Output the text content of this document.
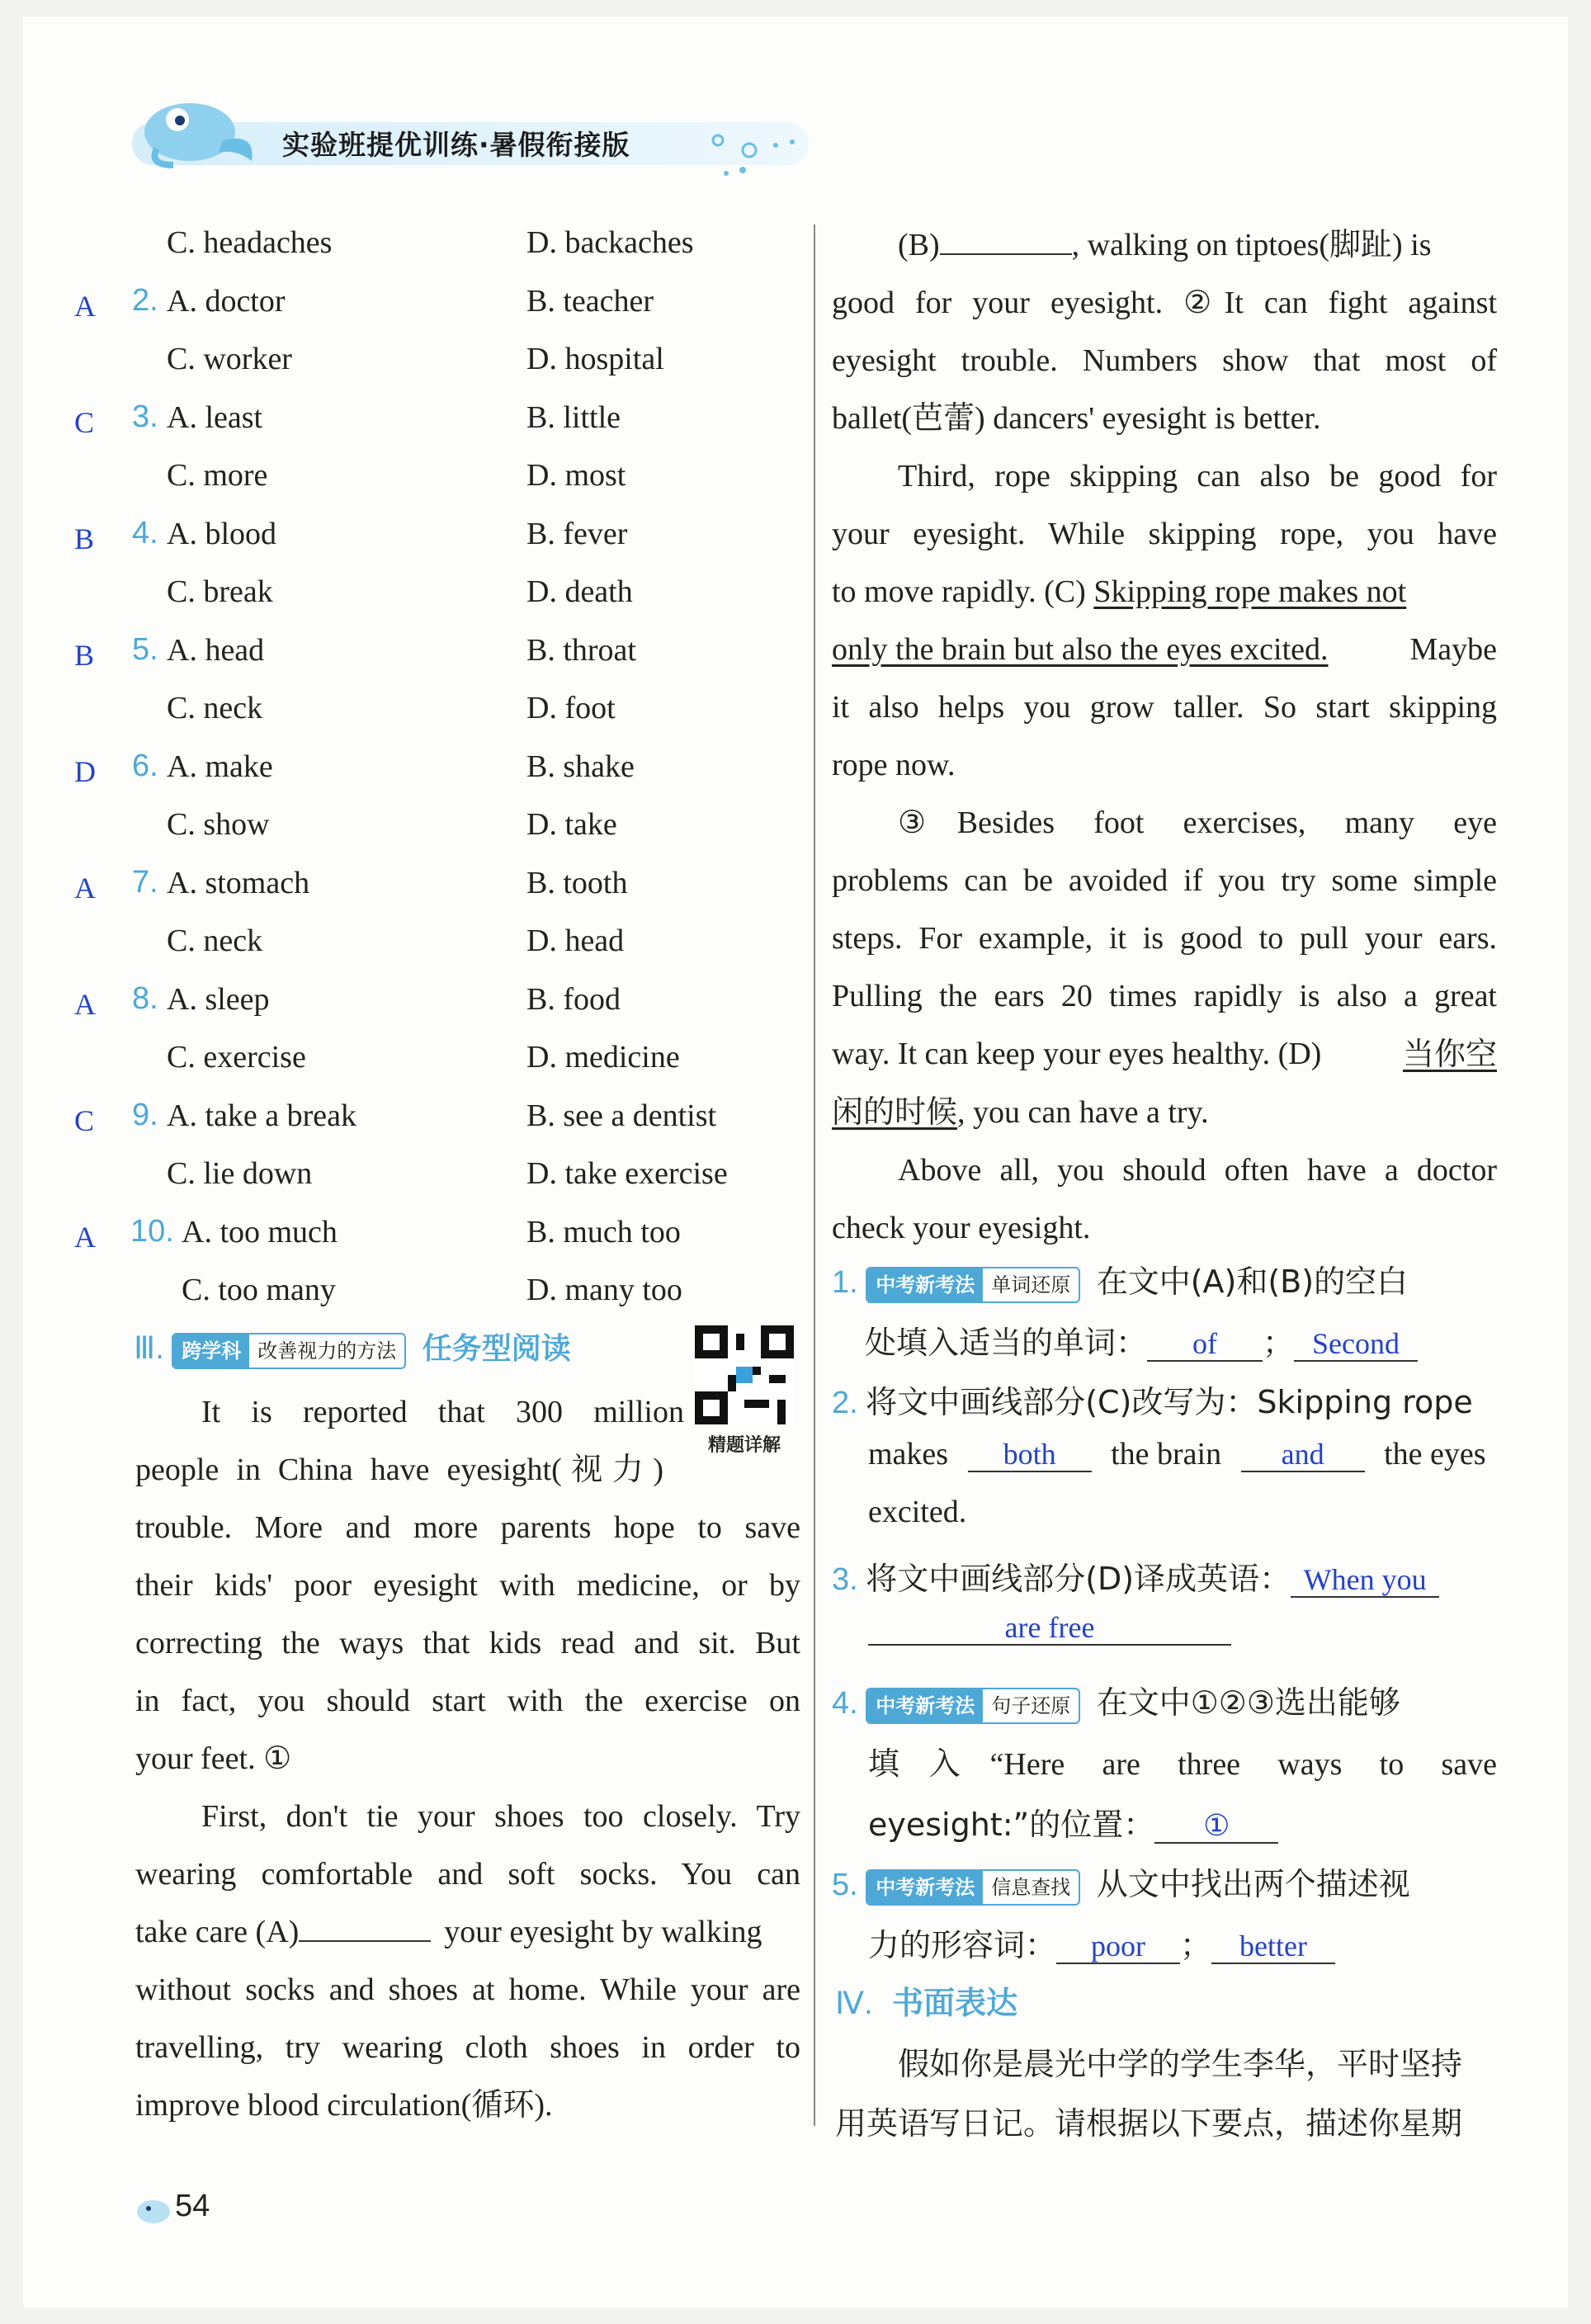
实验班提优训练·暑假衔接版
C. headaches	D. backaches
A 2. A. doctor	B. teacher
C. worker	D. hospital
C 3. A. least	B. little
C. more	D. most
B 4. A. blood	B. fever
C. break	D. death
B 5. A. head	B. throat
C. neck	D. foot
D 6. A. make	B. shake
C. show	D. take
A 7. A. stomach	B. tooth
C. neck	D. head
A 8. A. sleep	B. food
C. exercise	D. medicine
C 9. A. take a break	B. see a dentist
C. lie down	D. take exercise
A 10. A. too much	B. much too
C. too many	D. many too
Ⅲ. 跨学科 改善视力的方法 任务型阅读
精题详解
It is reported that 300 million
people in China have eyesight(视力)
trouble. More and more parents hope to save
their kids' poor eyesight with medicine, or by
correcting the ways that kids read and sit. But
in fact, you should start with the exercise on
your feet. ①
First, don't tie your shoes too closely. Try
wearing comfortable and soft socks. You can
take care (A)	your eyesight by walking
without socks and shoes at home. While your are
travelling, try wearing cloth shoes in order to
improve blood circulation(循环).
(B)	, walking on tiptoes(脚趾) is
good for your eyesight. ②It can fight against
eyesight trouble. Numbers show that most of
ballet(芭蕾) dancers' eyesight is better.
Third, rope skipping can also be good for
your eyesight. While skipping rope, you have
to move rapidly. (C) Skipping rope makes not
only the brain but also the eyes excited.	Maybe
it also helps you grow taller. So start skipping
rope now.
③Besides foot exercises, many eye
problems can be avoided if you try some simple
steps. For example, it is good to pull your ears.
Pulling the ears 20 times rapidly is also a great
way. It can keep your eyes healthy. (D)	当你空
闲的时候, you can have a try.
Above all, you should often have a doctor
check your eyesight.
1. 中考新考法 单词还原 在文中(A)和(B)的空白
处填入适当的单词： of ； Second
2. 将文中画线部分(C)改写为：Skipping rope
makes both the brain and the eyes
excited.
3. 将文中画线部分(D)译成英语： When you
are free
4. 中考新考法 句子还原 在文中①②③选出能够
填入“Here are three ways to save
eyesight:”的位置： ①
5. 中考新考法 信息查找 从文中找出两个描述视
力的形容词： poor ； better
Ⅳ. 书面表达
假如你是晨光中学的学生李华，平时坚持
用英语写日记。请根据以下要点，描述你星期
54
